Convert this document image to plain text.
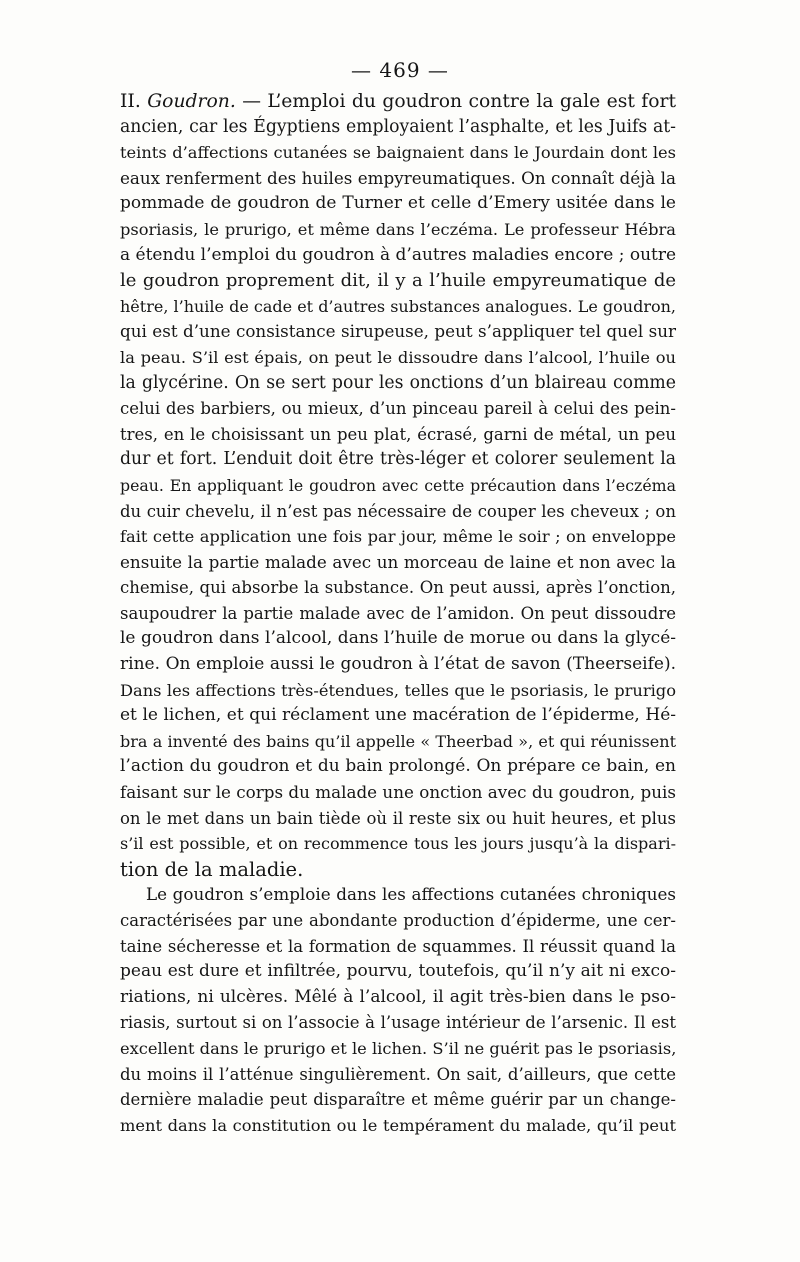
— 469 —
II. Goudron. — L’emploi du goudron contre la gale est fort
ancien, car les Égyptiens employaient l’asphalte, et les Juifs at-
teints d’affections cutanées se baignaient dans le Jourdain dont les
eaux renferment des huiles empyreumatiques. On connaît déjà la
pommade de goudron de Turner et celle d’Emery usitée dans le
psoriasis, le prurigo, et même dans l’eczéma. Le professeur Hébra
a étendu l’emploi du goudron à d’autres maladies encore ; outre
le goudron proprement dit, il y a l’huile empyreumatique de
hêtre, l’huile de cade et d’autres substances analogues. Le goudron,
qui est d’une consistance sirupeuse, peut s’appliquer tel quel sur
la peau. S’il est épais, on peut le dissoudre dans l’alcool, l’huile ou
la glycérine. On se sert pour les onctions d’un blaireau comme
celui des barbiers, ou mieux, d’un pinceau pareil à celui des pein-
tres, en le choisissant un peu plat, écrasé, garni de métal, un peu
dur et fort. L’enduit doit être très-léger et colorer seulement la
peau. En appliquant le goudron avec cette précaution dans l’eczéma
du cuir chevelu, il n’est pas nécessaire de couper les cheveux ; on
fait cette application une fois par jour, même le soir ; on enveloppe
ensuite la partie malade avec un morceau de laine et non avec la
chemise, qui absorbe la substance. On peut aussi, après l’onction,
saupoudrer la partie malade avec de l’amidon. On peut dissoudre
le goudron dans l’alcool, dans l’huile de morue ou dans la glycé-
rine. On emploie aussi le goudron à l’état de savon (Theerseife).
Dans les affections très-étendues, telles que le psoriasis, le prurigo
et le lichen, et qui réclament une macération de l’épiderme, Hé-
bra a inventé des bains qu’il appelle « Theerbad », et qui réunissent
l’action du goudron et du bain prolongé. On prépare ce bain, en
faisant sur le corps du malade une onction avec du goudron, puis
on le met dans un bain tiède où il reste six ou huit heures, et plus
s’il est possible, et on recommence tous les jours jusqu’à la dispari-
tion de la maladie.
Le goudron s’emploie dans les affections cutanées chroniques
caractérisées par une abondante production d’épiderme, une cer-
taine sécheresse et la formation de squammes. Il réussit quand la
peau est dure et infiltrée, pourvu, toutefois, qu’il n’y ait ni exco-
riations, ni ulcères. Mêlé à l’alcool, il agit très-bien dans le pso-
riasis, surtout si on l’associe à l’usage intérieur de l’arsenic. Il est
excellent dans le prurigo et le lichen. S’il ne guérit pas le psoriasis,
du moins il l’atténue singulièrement. On sait, d’ailleurs, que cette
dernière maladie peut disparaître et même guérir par un change-
ment dans la constitution ou le tempérament du malade, qu’il peut
